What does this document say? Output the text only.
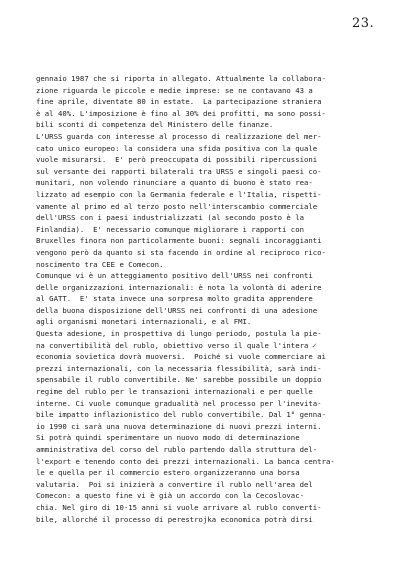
23.
✓
gennaio 1987 che si riporta in allegato. Attualmente la collabora-
zione riguarda le piccole e medie imprese: se ne contavano 43 a
fine aprile, diventate 80 in estate.  La partecipazione straniera
è al 40%. L'imposizione è fino al 30% dei profitti, ma sono possi-
bili sconti di competenza del Ministero delle finanze.
L'URSS guarda con interesse al processo di realizzazione del mer-
cato unico europeo: la considera una sfida positiva con la quale
vuole misurarsi.  E' però preoccupata di possibili ripercussioni
sul versante dei rapporti bilaterali tra URSS e singoli paesi co-
munitari, non volendo rinunciare a quanto di buono è stato rea-
lizzato ad esempio con la Germania federale e l'Italia, rispetti-
vamente al primo ed al terzo posto nell'interscambio commerciale
dell'URSS con i paesi industrializzati (al secondo posto è la
Finlandia).  E' necessario comunque migliorare i rapporti con
Bruxelles finora non particolarmente buoni: segnali incoraggianti
vengono però da quanto si sta facendo in ordine al reciproco rico-
noscimento tra CEE e Comecon.
Comunque vi è un atteggiamento positivo dell'URSS nei confronti
delle organizzazioni internazionali: è nota la volontà di aderire
al GATT.  E' stata invece una sorpresa molto gradita apprendere
della buona disposizione dell'URSS nei confronti di una adesione
agli organismi monetari internazionali, e al FMI.
Questa adesione, in prospettiva di lungo periodo, postula la pie-
na convertibilità del rublo, obiettivo verso il quale l'intera
economia sovietica dovrà muoversi.  Poiché si vuole commerciare ai
prezzi internazionali, con la necessaria flessibilità, sarà indi-
spensabile il rublo convertibile. Ne' sarebbe possibile un doppio
regime del rublo per le transazioni internazionali e per quelle
interne. Ci vuole comunque gradualità nel processo per l'inevita-
bile impatto inflazionistico del rublo convertibile. Dal 1° genna-
io 1990 ci sarà una nuova determinazione di nuovi prezzi interni.
Si potrà quindi sperimentare un nuovo modo di determinazione
amministrativa del corso del rublo partendo dalla struttura del-
l'export e tenendo conto dei prezzi internazionali. La banca centra-
le e quella per il commercio estero organizzeranno una borsa
valutaria.  Poi si inizierà a convertire il rublo nell'area del
Comecon: a questo fine vi è già un accordo con la Cecoslovac-
chia. Nel giro di 10-15 anni si vuole arrivare al rublo converti-
bile, allorché il processo di perestrojka economica potrà dirsi
